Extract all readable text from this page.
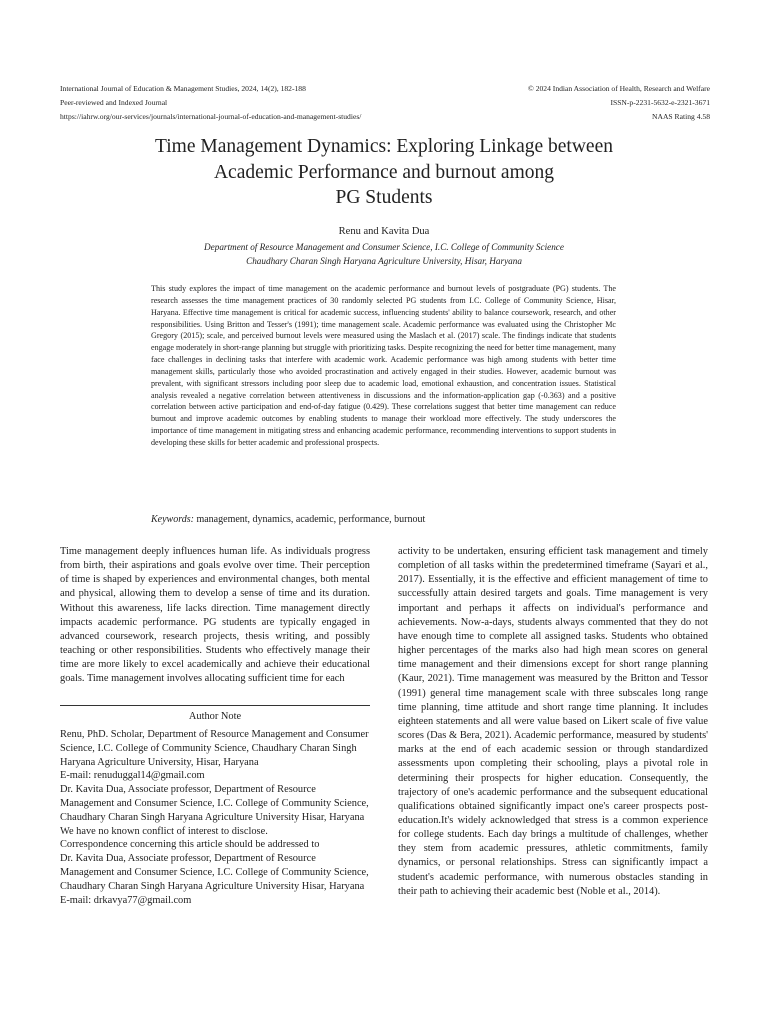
International Journal of Education & Management Studies, 2024, 14(2), 182-188
Peer-reviewed and Indexed Journal
https://iahrw.org/our-services/journals/international-journal-of-education-and-management-studies/
© 2024 Indian Association of Health, Research and Welfare
ISSN-p-2231-5632-e-2321-3671
NAAS Rating 4.58
Time Management Dynamics: Exploring Linkage between
Academic Performance and burnout among
PG Students
Renu and Kavita Dua
Department of Resource Management and Consumer Science, I.C. College of Community Science
Chaudhary Charan Singh Haryana Agriculture University, Hisar, Haryana

This study explores the impact of time management on the academic performance and burnout levels of postgraduate (PG) students. The research assesses the time management practices of 30 randomly selected PG students from I.C. College of Community Science, Hisar, Haryana. Effective time management is critical for academic success, influencing students' ability to balance coursework, research, and other responsibilities. Using Britton and Tesser's (1991); time management scale. Academic performance was evaluated using the Christopher Mc Gregory (2015); scale, and perceived burnout levels were measured using the Maslach et al. (2017) scale. The findings indicate that students engage moderately in short-range planning but struggle with prioritizing tasks. Despite recognizing the need for better time management, many face challenges in declining tasks that interfere with academic work. Academic performance was high among students with better time management skills, particularly those who avoided procrastination and actively engaged in their studies. However, academic burnout was prevalent, with significant stressors including poor sleep due to academic load, emotional exhaustion, and concentration issues. Statistical analysis revealed a negative correlation between attentiveness in discussions and the information-application gap (-0.363) and a positive correlation between active participation and end-of-day fatigue (0.429). These correlations suggest that better time management can reduce burnout and improve academic outcomes by enabling students to manage their workload more effectively. The study underscores the importance of time management in mitigating stress and enhancing academic performance, recommending interventions to support students in developing these skills for better academic and professional prospects.

Keywords: management, dynamics, academic, performance, burnout

Time management deeply influences human life. As individuals progress from birth, their aspirations and goals evolve over time. Their perception of time is shaped by experiences and environmental changes, both mental and physical, allowing them to develop a sense of time and its duration. Without this awareness, life lacks direction. Time management directly impacts academic performance. PG students are typically engaged in advanced coursework, research projects, thesis writing, and possibly teaching or other responsibilities. Students who effectively manage their time are more likely to excel academically and achieve their educational goals. Time management involves allocating sufficient time for each

Author Note

Renu, PhD. Scholar, Department of Resource Management and Consumer Science, I.C. College of Community Science, Chaudhary Charan Singh Haryana Agriculture University, Hisar, Haryana

E-mail: renuduggal14@gmail.com

Dr. Kavita Dua, Associate professor, Department of Resource Management and Consumer Science, I.C. College of Community Science, Chaudhary Charan Singh Haryana Agriculture University Hisar, Haryana

We have no known conflict of interest to disclose.

Correspondence concerning this article should be addressed to

Dr. Kavita Dua, Associate professor, Department of Resource Management and Consumer Science, I.C. College of Community Science, Chaudhary Charan Singh Haryana Agriculture University Hisar, Haryana

E-mail: drkavya77@gmail.com

activity to be undertaken, ensuring efficient task management and timely completion of all tasks within the predetermined timeframe (Sayari et al., 2017). Essentially, it is the effective and efficient management of time to successfully attain desired targets and goals. Time management is very important and perhaps it affects on individual's performance and achievements. Now-a-days, students always commented that they do not have enough time to complete all assigned tasks. Students who obtained higher percentages of the marks also had high mean scores on general time management and their dimensions except for short range planning (Kaur, 2021). Time management was measured by the Britton and Tessor (1991) general time management scale with three subscales long range time planning, time attitude and short range time planning. It includes eighteen statements and all were value based on Likert scale of five value scores (Das & Bera, 2021). Academic performance, measured by students' marks at the end of each academic session or through standardized assessments upon completing their schooling, plays a pivotal role in determining their prospects for higher education. Consequently, the trajectory of one's academic performance and the subsequent educational qualifications obtained significantly impact one's career prospects post-education.It's widely acknowledged that stress is a common experience for college students. Each day brings a multitude of challenges, whether they stem from academic pressures, athletic commitments, family dynamics, or personal relationships. Stress can significantly impact a student's academic performance, with numerous obstacles standing in their path to achieving their academic best (Noble et al., 2014).
